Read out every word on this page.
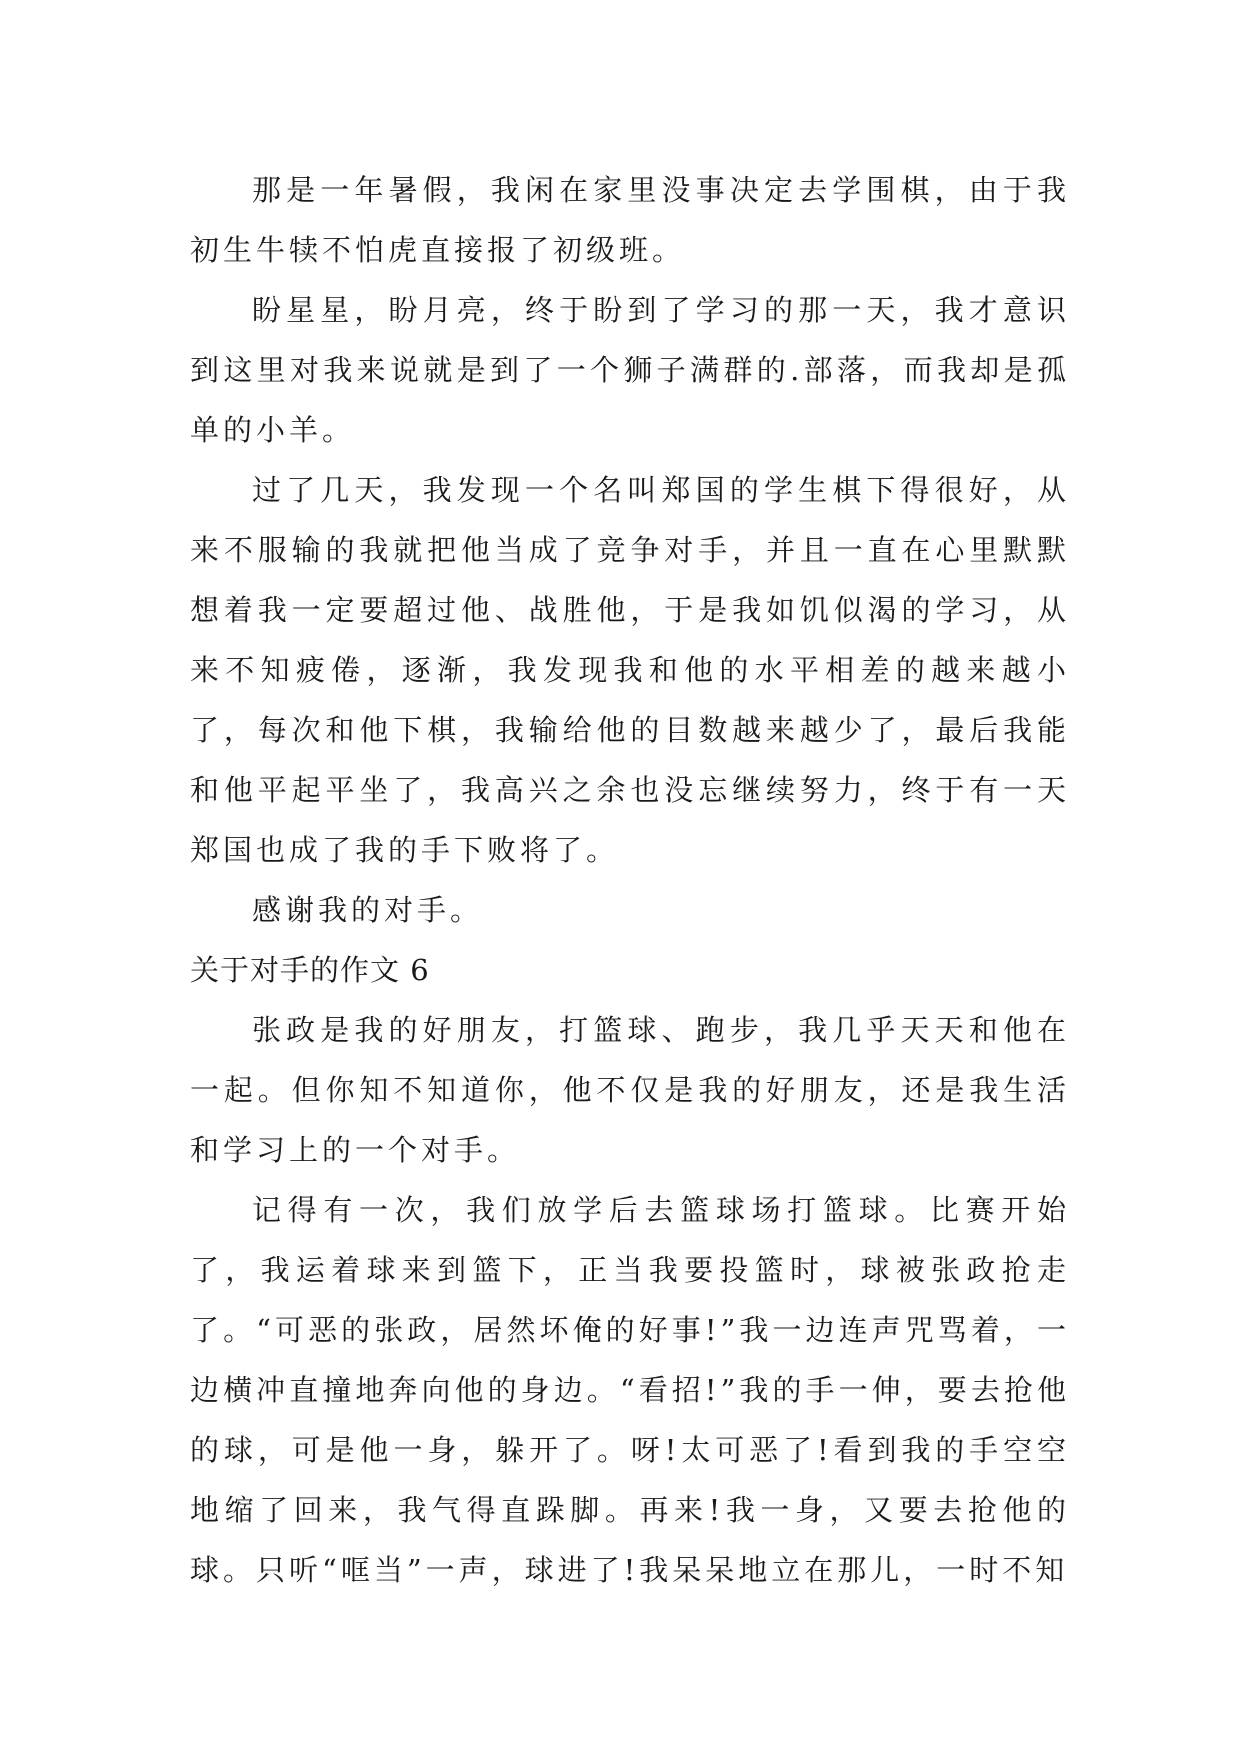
那是一年暑假，我闲在家里没事决定去学围棋，由于我初生牛犊不怕虎直接报了初级班。

盼星星，盼月亮，终于盼到了学习的那一天，我才意识到这里对我来说就是到了一个狮子满群的.部落，而我却是孤单的小羊。

过了几天，我发现一个名叫郑国的学生棋下得很好，从来不服输的我就把他当成了竞争对手，并且一直在心里默默想着我一定要超过他、战胜他，于是我如饥似渴的学习，从来不知疲倦，逐渐，我发现我和他的水平相差的越来越小了，每次和他下棋，我输给他的目数越来越少了，最后我能和他平起平坐了，我高兴之余也没忘继续努力，终于有一天郑国也成了我的手下败将了。

感谢我的对手。

关于对手的作文 6

张政是我的好朋友，打篮球、跑步，我几乎天天和他在一起。但你知不知道你，他不仅是我的好朋友，还是我生活和学习上的一个对手。

记得有一次，我们放学后去篮球场打篮球。比赛开始了，我运着球来到篮下，正当我要投篮时，球被张政抢走了。“可恶的张政，居然坏俺的好事!”我一边连声咒骂着，一边横冲直撞地奔向他的身边。“看招!”我的手一伸，要去抢他的球，可是他一身，躲开了。呀!太可恶了!看到我的手空空地缩了回来，我气得直跺脚。再来!我一身，又要去抢他的球。只听“哐当”一声，球进了!我呆呆地立在那儿，一时不知
